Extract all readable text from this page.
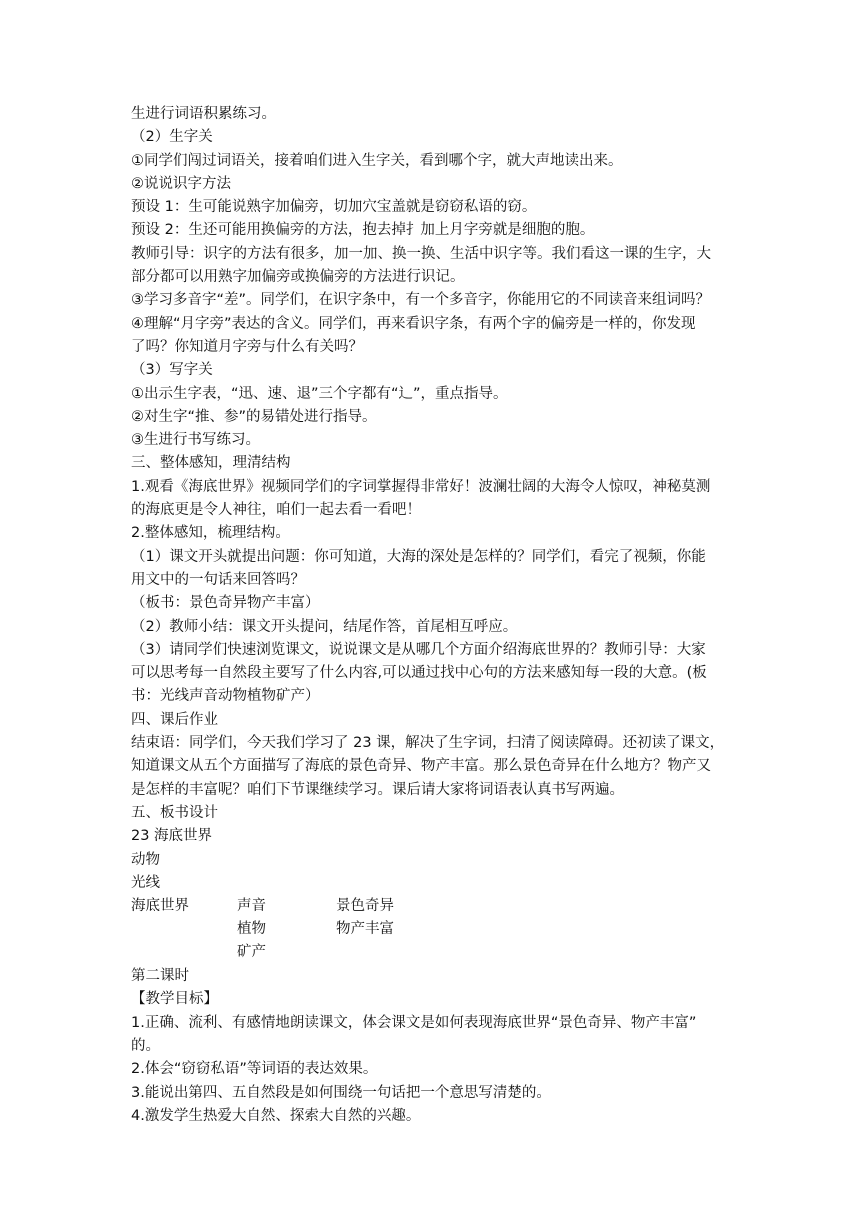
生进行词语积累练习。
（2）生字关
①同学们闯过词语关，接着咱们进入生字关，看到哪个字，就大声地读出来。
②说说识字方法
预设 1：生可能说熟字加偏旁，切加穴宝盖就是窃窃私语的窃。
预设 2：生还可能用换偏旁的方法，抱去掉扌加上月字旁就是细胞的胞。
教师引导：识字的方法有很多，加一加、换一换、生活中识字等。我们看这一课的生字，大
部分都可以用熟字加偏旁或换偏旁的方法进行识记。
③学习多音字“差”。同学们，在识字条中，有一个多音字，你能用它的不同读音来组词吗？
④理解“月字旁”表达的含义。同学们，再来看识字条，有两个字的偏旁是一样的，你发现
了吗？你知道月字旁与什么有关吗？
（3）写字关
①出示生字表，“迅、速、退”三个字都有“辶”，重点指导。
②对生字“推、参”的易错处进行指导。
③生进行书写练习。
三、整体感知，理清结构
1.观看《海底世界》视频同学们的字词掌握得非常好！波澜壮阔的大海令人惊叹，神秘莫测
的海底更是令人神往，咱们一起去看一看吧！
2.整体感知，梳理结构。
（1）课文开头就提出问题：你可知道，大海的深处是怎样的？同学们，看完了视频，你能
用文中的一句话来回答吗？
（板书：景色奇异物产丰富）
（2）教师小结：课文开头提问，结尾作答，首尾相互呼应。
（3）请同学们快速浏览课文，说说课文是从哪几个方面介绍海底世界的？教师引导：大家
可以思考每一自然段主要写了什么内容,可以通过找中心句的方法来感知每一段的大意。(板
书：光线声音动物植物矿产）
四、课后作业
结束语：同学们，今天我们学习了 23 课，解决了生字词，扫清了阅读障碍。还初读了课文，
知道课文从五个方面描写了海底的景色奇异、物产丰富。那么景色奇异在什么地方？物产又
是怎样的丰富呢？咱们下节课继续学习。课后请大家将词语表认真书写两遍。
五、板书设计
23 海底世界
动物
光线
海底世界	声音
植物
矿产
景色奇异
物产丰富
第二课时
【教学目标】
1.正确、流利、有感情地朗读课文，体会课文是如何表现海底世界“景色奇异、物产丰富”
的。
2.体会“窃窃私语”等词语的表达效果。
3.能说出第四、五自然段是如何围绕一句话把一个意思写清楚的。
4.激发学生热爱大自然、探索大自然的兴趣。
